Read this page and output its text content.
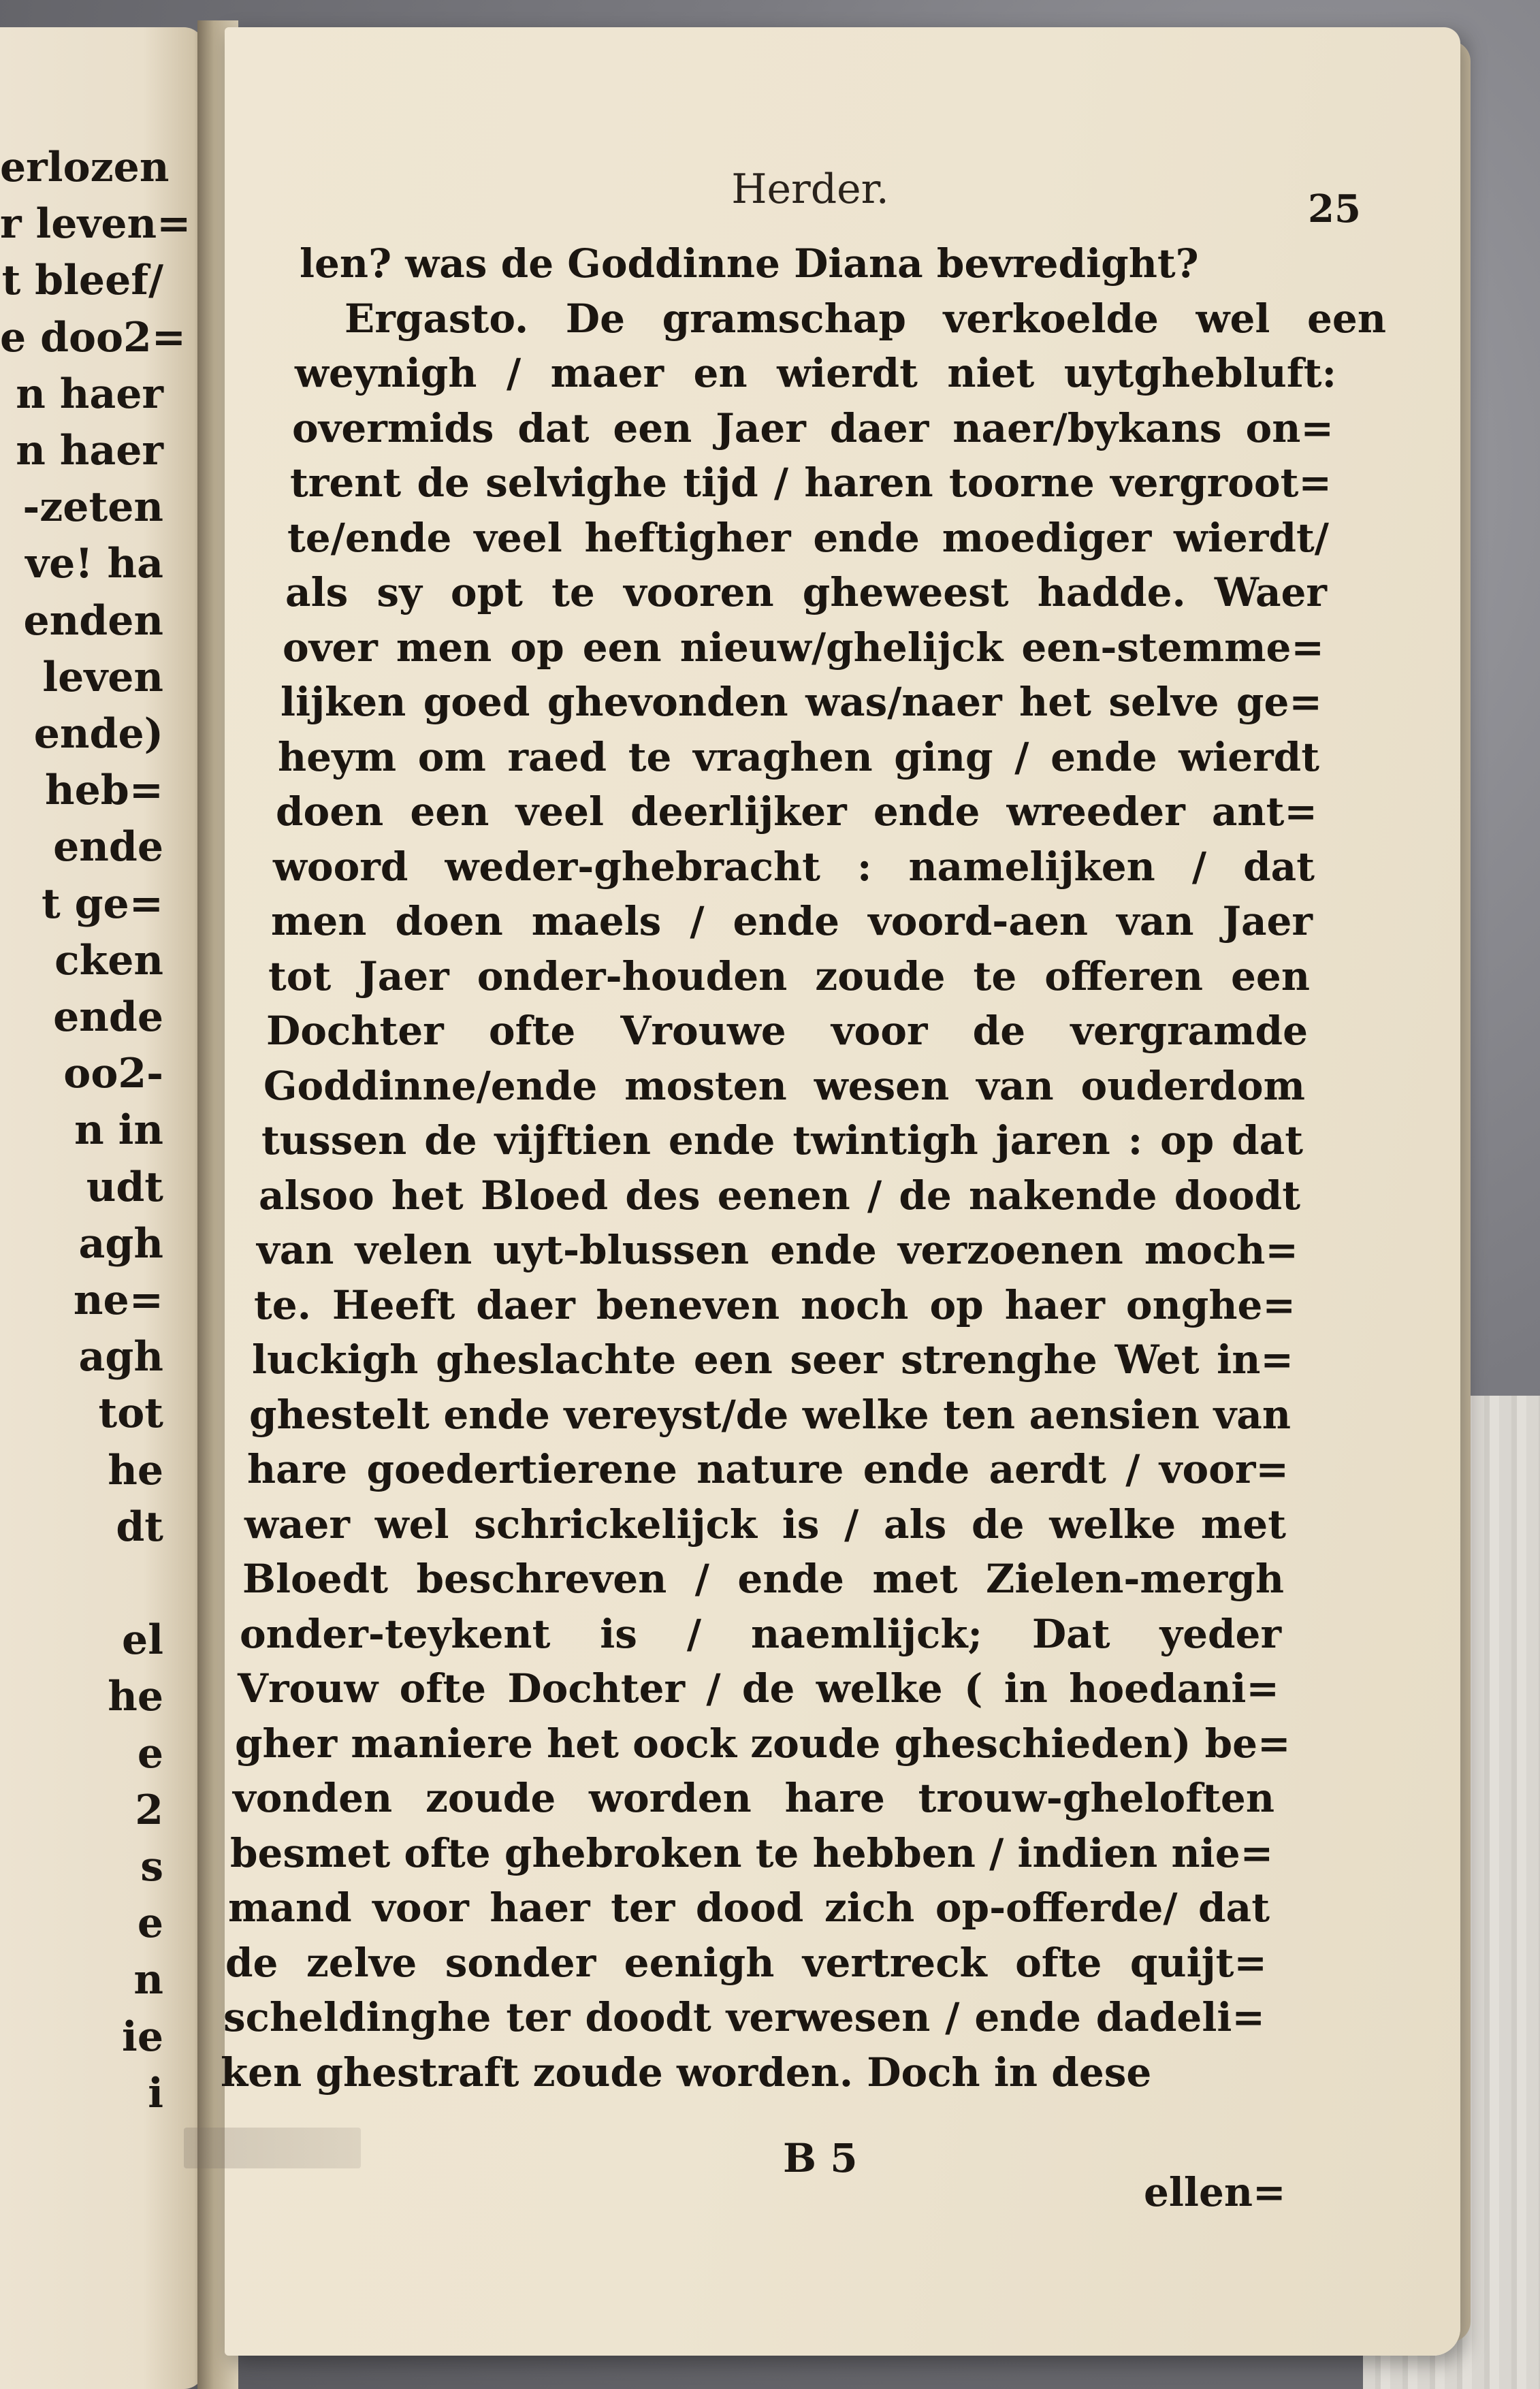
erlozen
r leven=
t bleef/
e doo2=
n haer
n haer
-zeten
ve! ha
enden
leven
ende)
heb=
ende
t ge=
cken
ende
oo2-
n in
udt
agh
ne=
agh
tot
he
dt
el
he
e
2
s
e
n
ie
i
Herder.	25
len? was de Goddinne Diana bevredight?
Ergasto. De gramschap verkoelde wel een
weynigh / maer en wierdt niet uytghebluft:
overmids dat een Jaer daer naer/bykans on=
trent de selvighe tijd / haren toorne vergroot=
te/ende veel heftigher ende moediger wierdt/
als sy opt te vooren gheweest hadde. Waer
over men op een nieuw/ghelijck een-stemme=
lijken goed ghevonden was/naer het selve ge=
heym om raed te vraghen ging / ende wierdt
doen een veel deerlijker ende wreeder ant=
woord weder-ghebracht : namelijken / dat
men doen maels / ende voord-aen van Jaer
tot Jaer onder-houden zoude te offeren een
Dochter ofte Vrouwe voor de vergramde
Goddinne/ende mosten wesen van ouderdom
tussen de vijftien ende twintigh jaren : op dat
alsoo het Bloed des eenen / de nakende doodt
van velen uyt-blussen ende verzoenen moch=
te. Heeft daer beneven noch op haer onghe=
luckigh gheslachte een seer strenghe Wet in=
ghestelt ende vereyst/de welke ten aensien van
hare goedertierene nature ende aerdt / voor=
waer wel schrickelijck is / als de welke met
Bloedt beschreven / ende met Zielen-mergh
onder-teykent is / naemlijck; Dat yeder
Vrouw ofte Dochter / de welke ( in hoedani=
gher maniere het oock zoude gheschieden) be=
vonden zoude worden hare trouw-gheloften
besmet ofte ghebroken te hebben / indien nie=
mand voor haer ter dood zich op-offerde/ dat
de zelve sonder eenigh vertreck ofte quijt=
scheldinghe ter doodt verwesen / ende dadeli=
ken ghestraft zoude worden. Doch in dese
B 5
ellen=
